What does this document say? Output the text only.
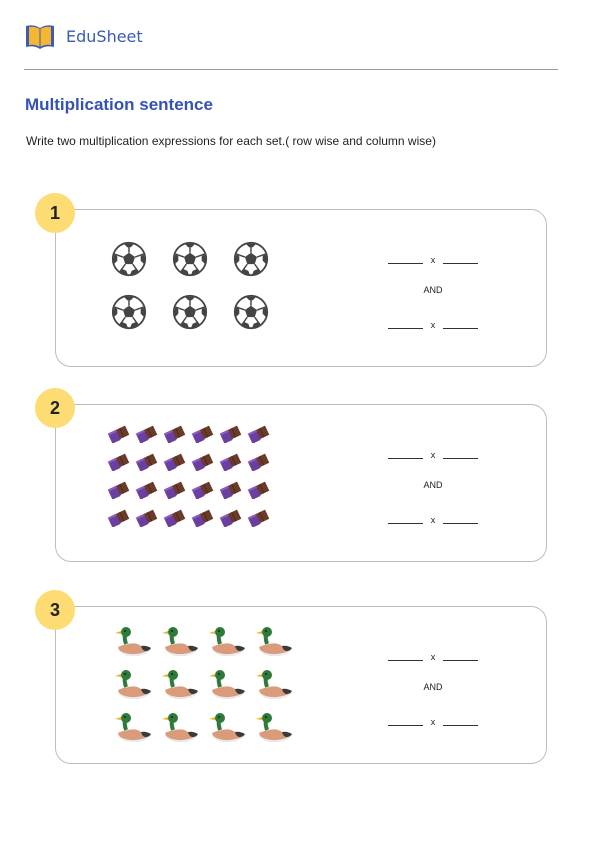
EduSheet
Multiplication sentence
Write two multiplication expressions for each set.( row wise and column wise)
1
x
AND
x
2
x
AND
x
3
x
AND
x
